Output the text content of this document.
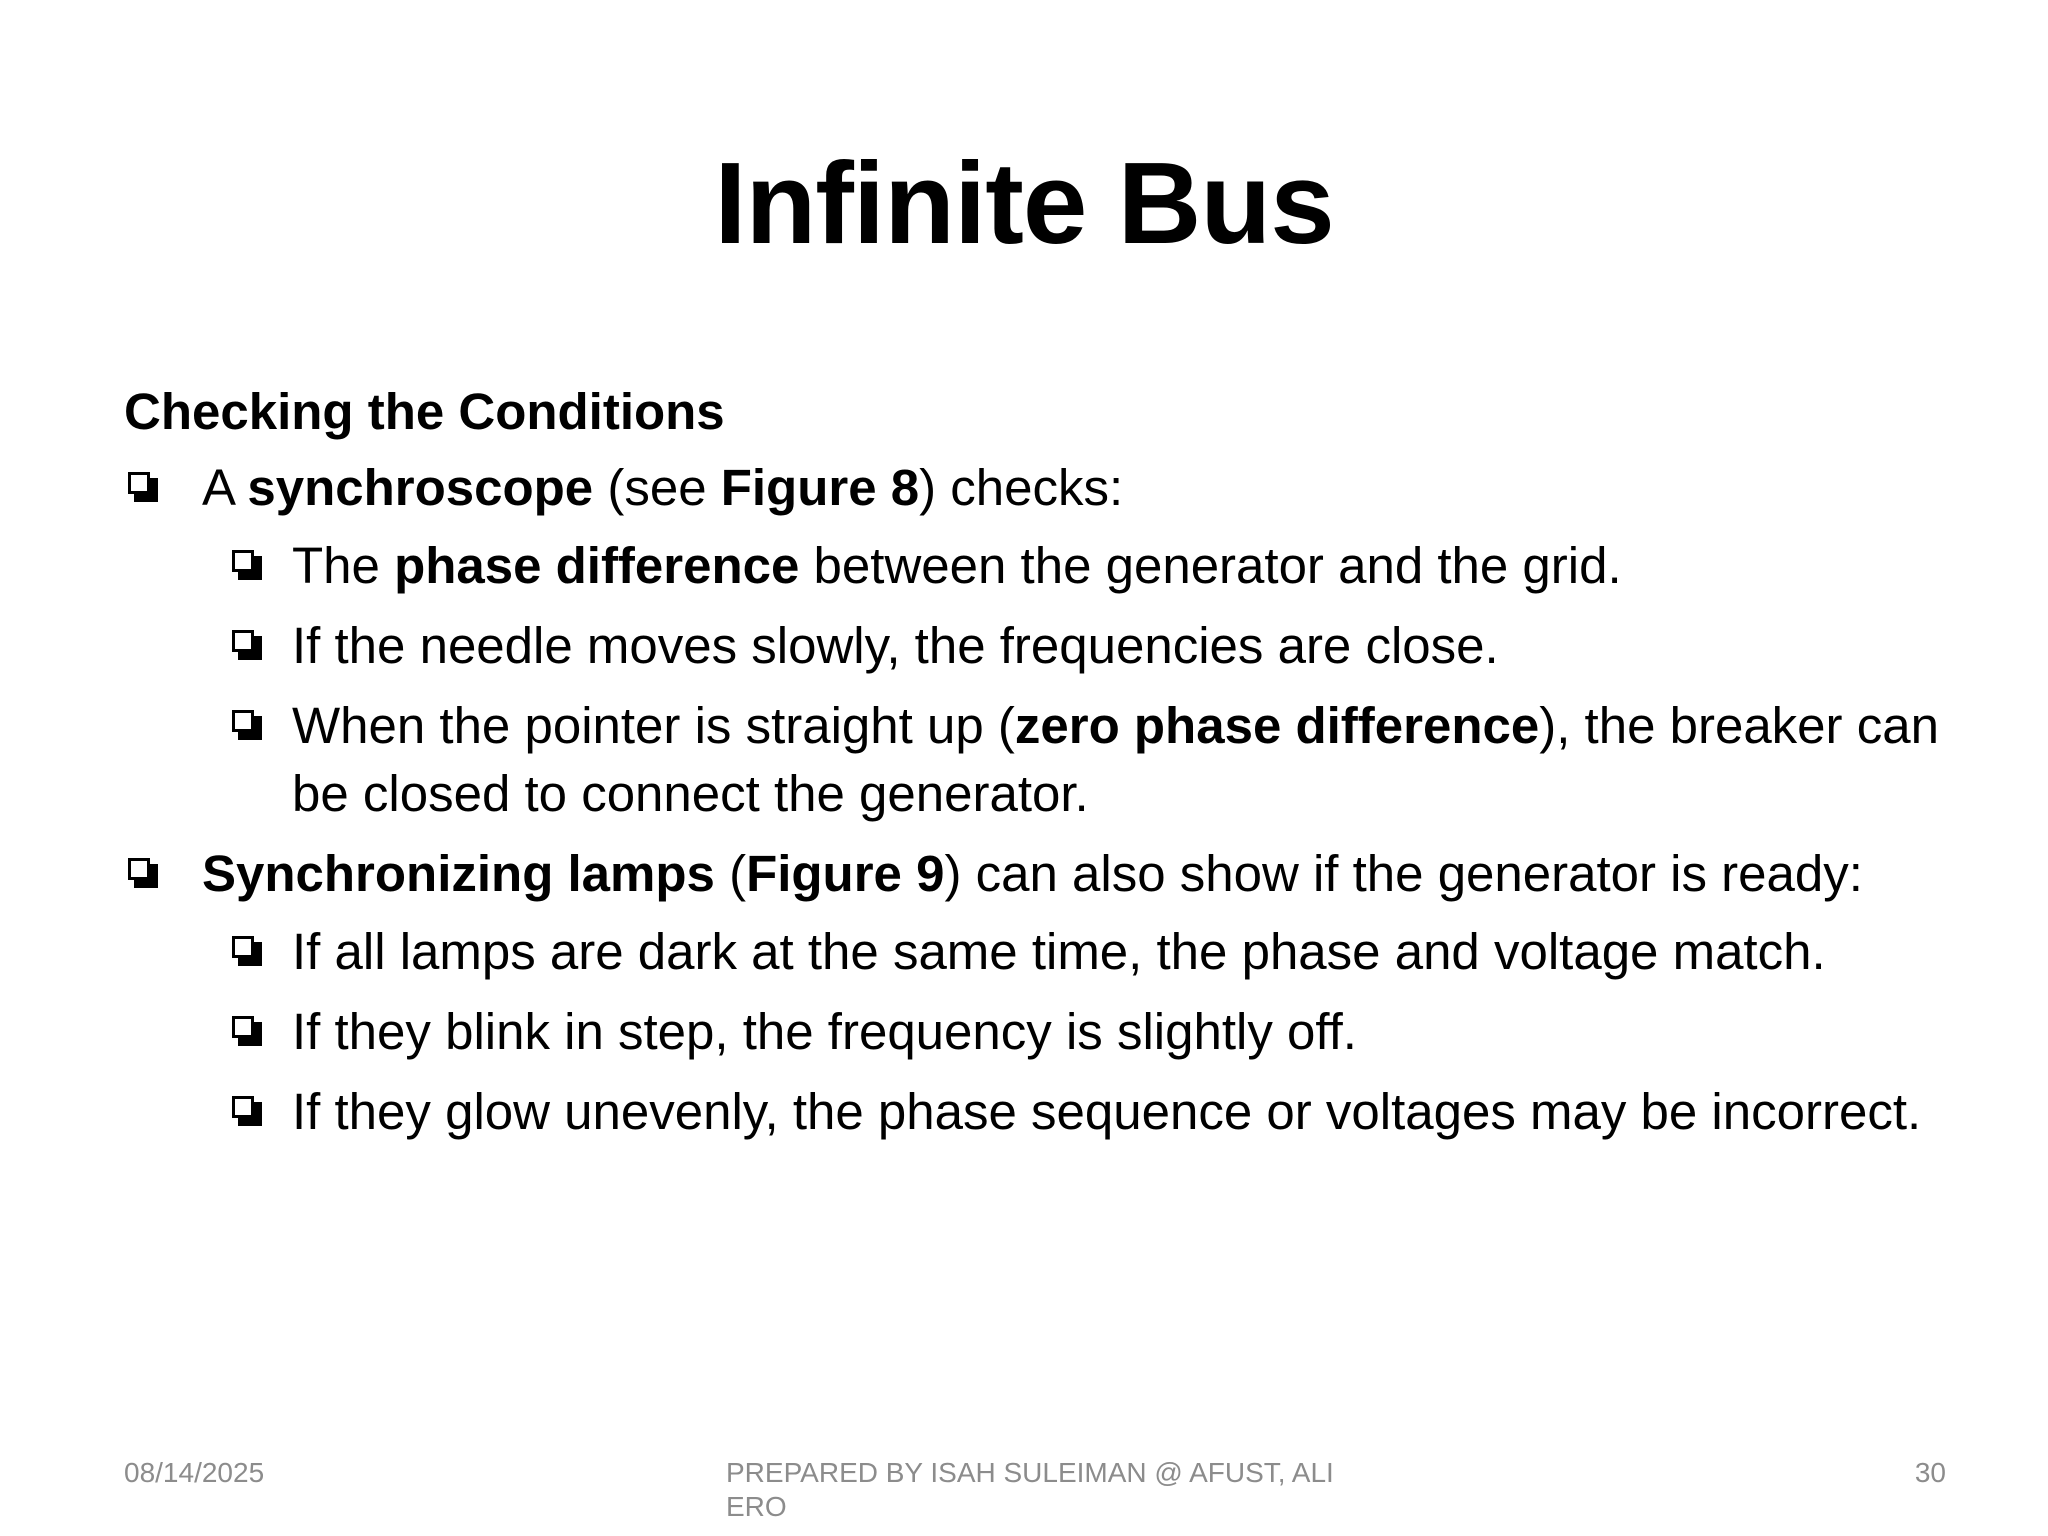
Infinite Bus
Checking the Conditions
A synchroscope (see Figure 8) checks:
The phase difference between the generator and the grid.
If the needle moves slowly, the frequencies are close.
When the pointer is straight up (zero phase difference), the breaker can be closed to connect the generator.
Synchronizing lamps (Figure 9) can also show if the generator is ready:
If all lamps are dark at the same time, the phase and voltage match.
If they blink in step, the frequency is slightly off.
If they glow unevenly, the phase sequence or voltages may be incorrect.
08/14/2025	PREPARED BY ISAH SULEIMAN @ AFUST, ALI ERO
30
